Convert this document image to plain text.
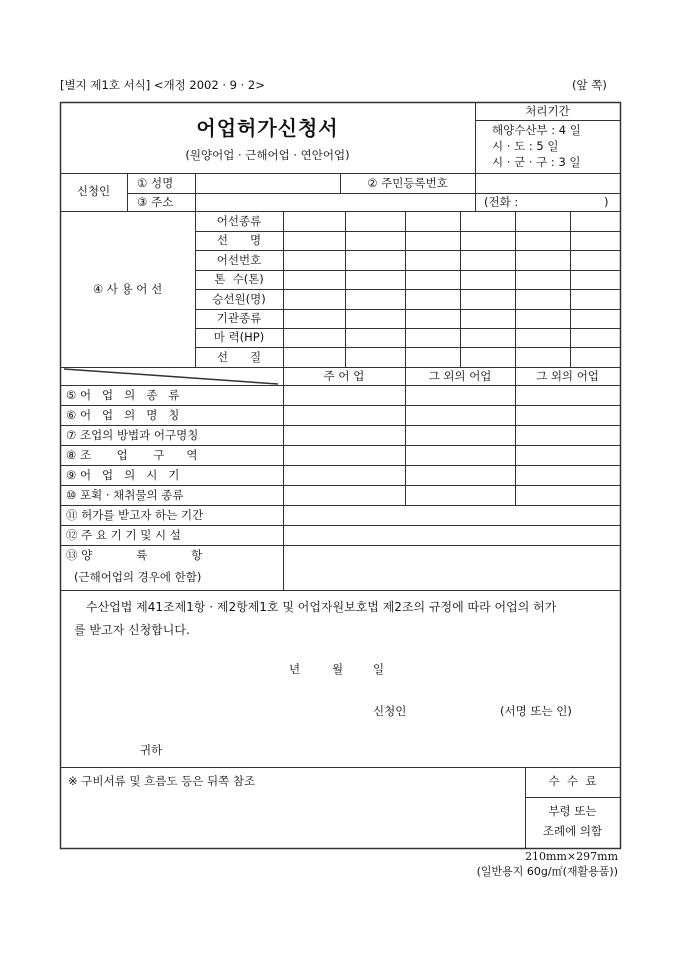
[별지 제1호 서식] <개정 2002 · 9 · 2>	(앞 쪽)
어업허가신청서
(원양어업 · 근해어업 · 연안어업)
처리기간
해양수산부 : 4 일
시 · 도 : 5 일
시 · 군 · 구 : 3 일
신청인
① 성명	② 주민등록번호
③ 주소	(전화 :	)
④ 사 용 어 선
어선종류
선      명
어선번호
톤  수(톤)
승선원(명)
기관종류
마 력(HP)
선      질
주 어 업	그 외의 어업	그 외의 어업
⑤ 어   업   의   종   류
⑥ 어   업   의   명   칭
⑦ 조업의 방법과 어구명칭
⑧ 조       업       구      역
⑨ 어   업   의   시   기
⑩ 포획 · 채취물의 종류
⑪ 허가를 받고자 하는 기간
⑫ 주 요 기 기 및 시 설
⑬ 양            륙            항
(근해어업의 경우에 한함)
수산업법 제41조제1항 · 제2항제1호 및 어업자원보호법 제2조의 규정에 따라 어업의 허가
를 받고자 신청합니다.
년	월	일
신청인	(서명 또는 인)
귀하
※ 구비서류 및 흐름도 등은 뒤쪽 참조	수  수  료
부령 또는
조례에 의함
210mm×297mm
(일반용지 60g/㎡(재활용품))
